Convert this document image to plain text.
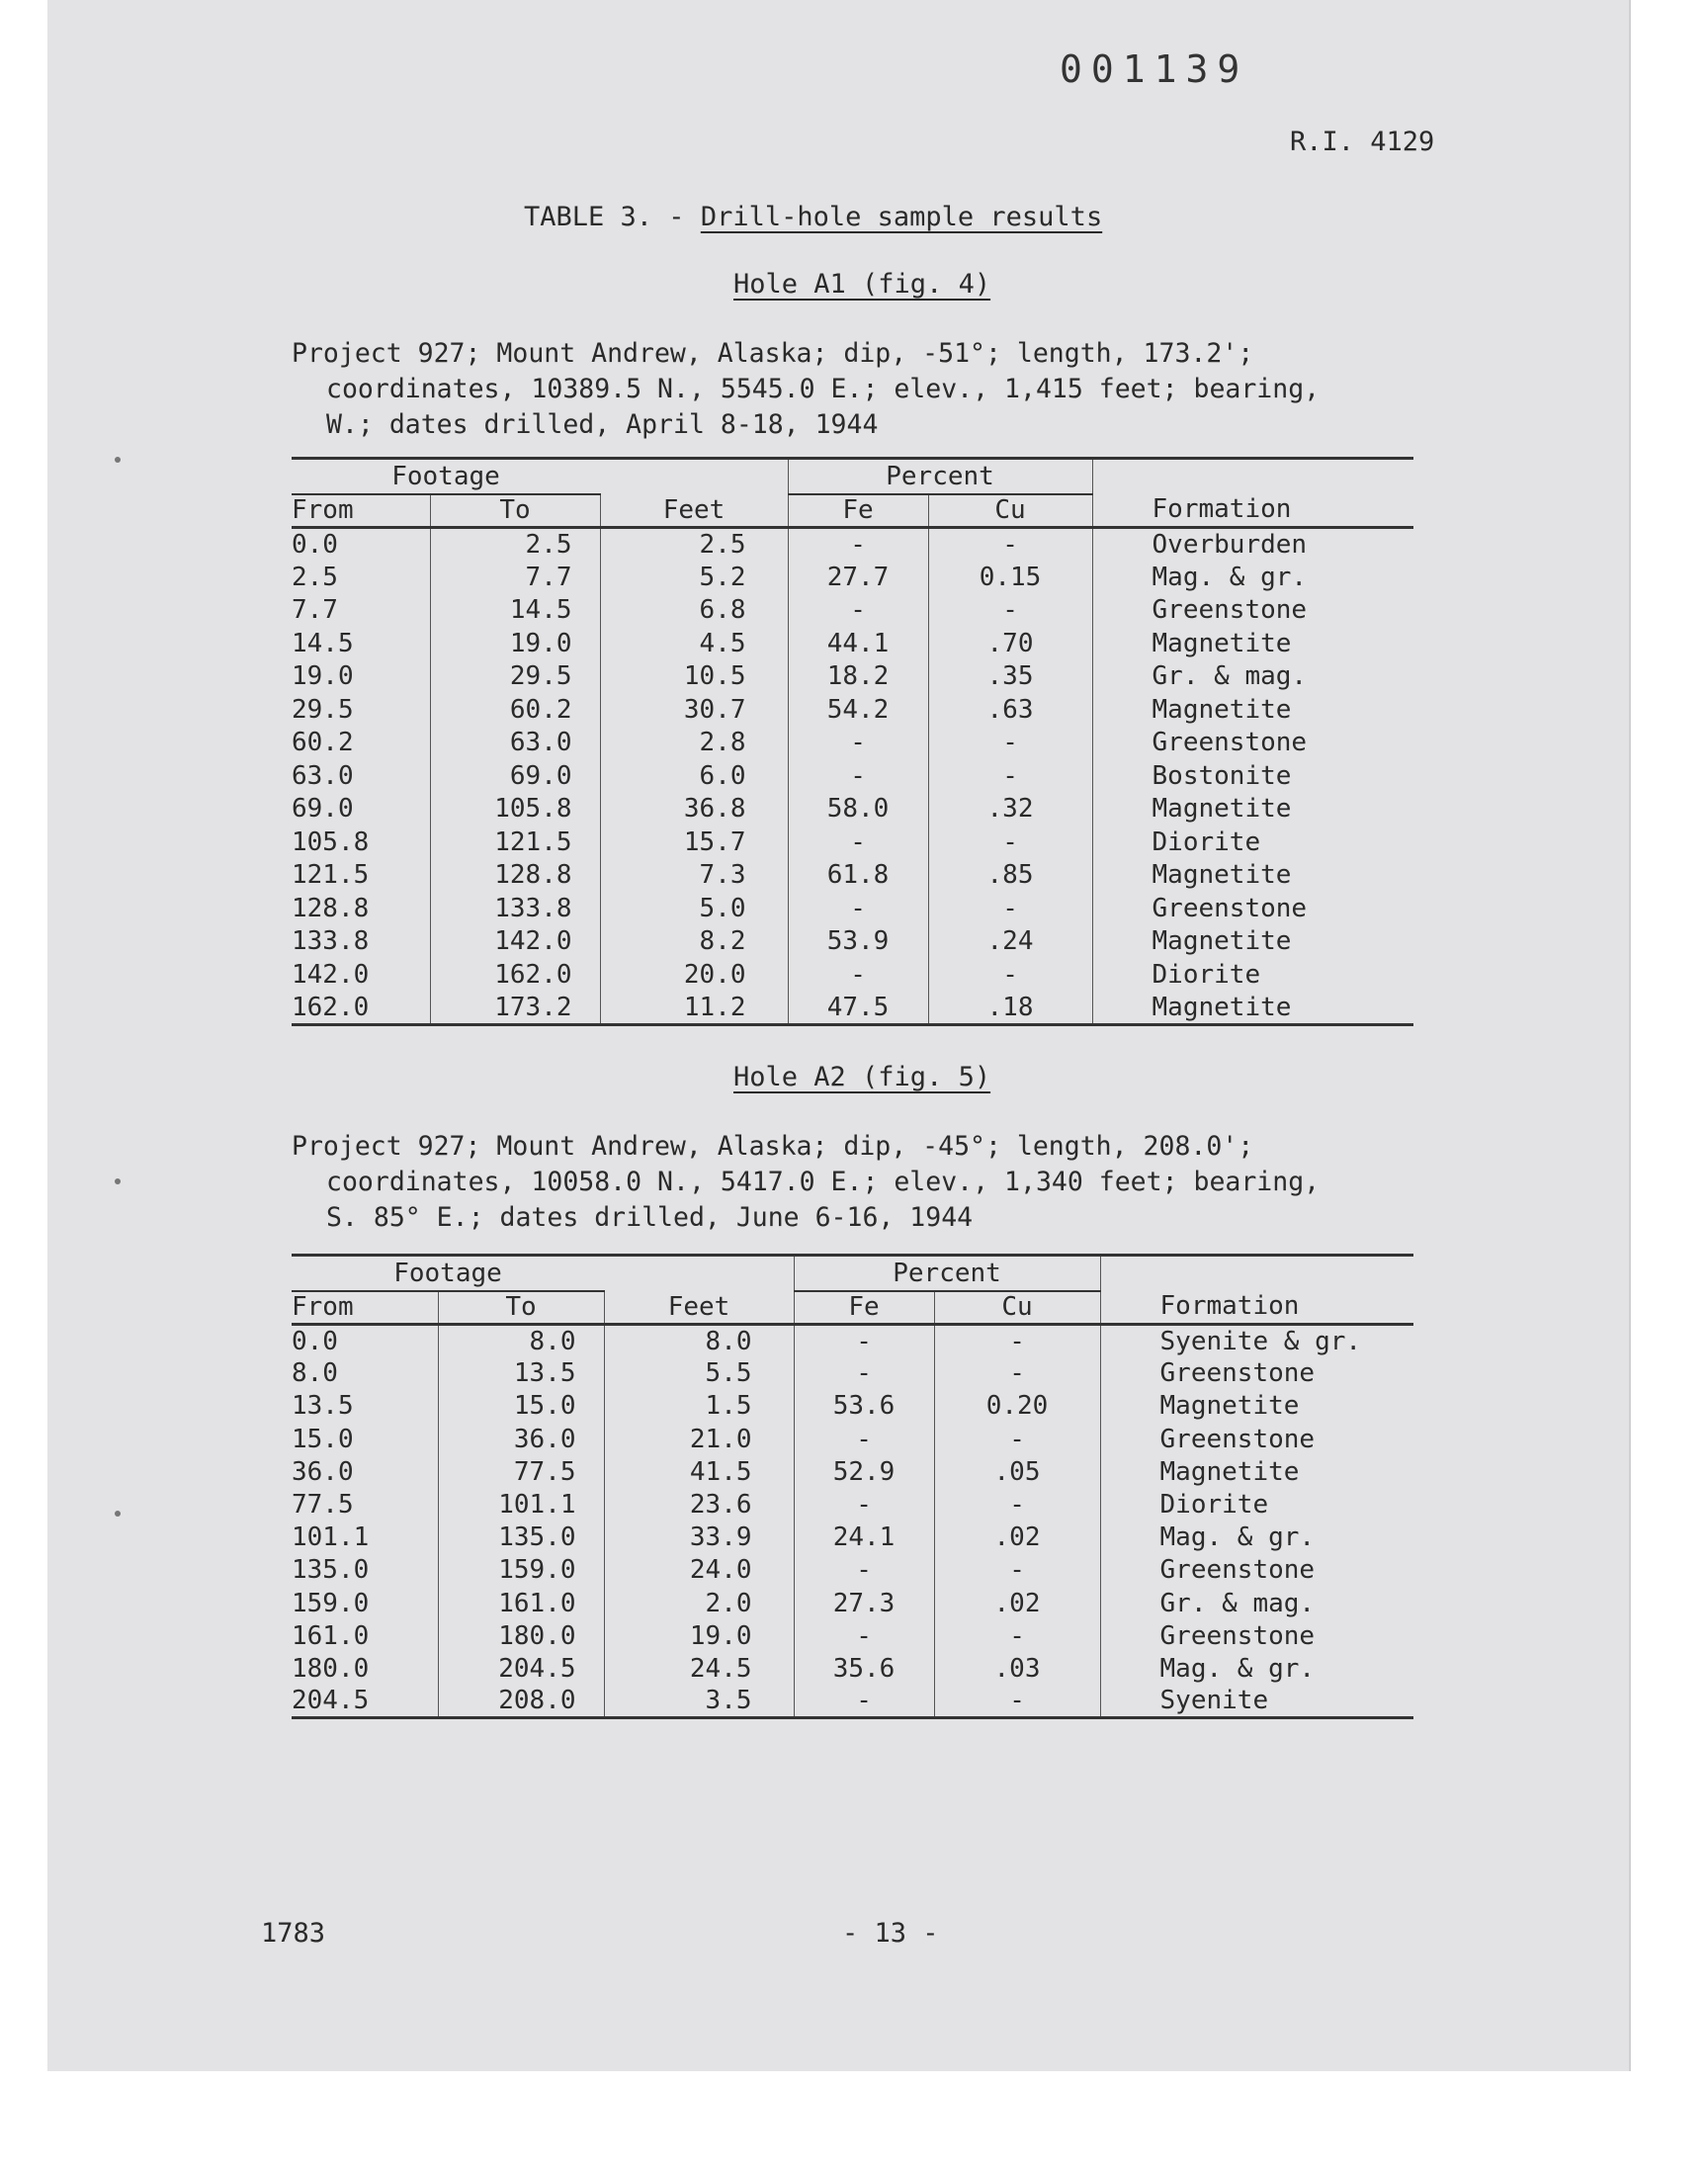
001139
R.I. 4129
TABLE 3. - Drill-hole sample results
Hole A1 (fig. 4)

Project 927; Mount Andrew, Alaska; dip, -51°; length, 173.2';

coordinates, 10389.5 N., 5545.0 E.; elev., 1,415 feet; bearing,

W.; dates drilled, April 8-18, 1944

Footage			Percent		
From	To	Feet	Fe	Cu	Formation
0.0	2.5	2.5	-	-	Overburden
2.5	7.7	5.2	27.7	0.15	Mag. & gr.
7.7	14.5	6.8	-	-	Greenstone
14.5	19.0	4.5	44.1	.70	Magnetite
19.0	29.5	10.5	18.2	.35	Gr. & mag.
29.5	60.2	30.7	54.2	.63	Magnetite
60.2	63.0	2.8	-	-	Greenstone
63.0	69.0	6.0	-	-	Bostonite
69.0	105.8	36.8	58.0	.32	Magnetite
105.8	121.5	15.7	-	-	Diorite
121.5	128.8	7.3	61.8	.85	Magnetite
128.8	133.8	5.0	-	-	Greenstone
133.8	142.0	8.2	53.9	.24	Magnetite
142.0	162.0	20.0	-	-	Diorite
162.0	173.2	11.2	47.5	.18	Magnetite
Hole A2 (fig. 5)

Project 927; Mount Andrew, Alaska; dip, -45°; length, 208.0';

coordinates, 10058.0 N., 5417.0 E.; elev., 1,340 feet; bearing,

S. 85° E.; dates drilled, June 6-16, 1944

Footage			Percent		
From	To	Feet	Fe	Cu	Formation
0.0	8.0	8.0	-	-	Syenite & gr.
8.0	13.5	5.5	-	-	Greenstone
13.5	15.0	1.5	53.6	0.20	Magnetite
15.0	36.0	21.0	-	-	Greenstone
36.0	77.5	41.5	52.9	.05	Magnetite
77.5	101.1	23.6	-	-	Diorite
101.1	135.0	33.9	24.1	.02	Mag. & gr.
135.0	159.0	24.0	-	-	Greenstone
159.0	161.0	2.0	27.3	.02	Gr. & mag.
161.0	180.0	19.0	-	-	Greenstone
180.0	204.5	24.5	35.6	.03	Mag. & gr.
204.5	208.0	3.5	-	-	Syenite
1783	- 13 -
